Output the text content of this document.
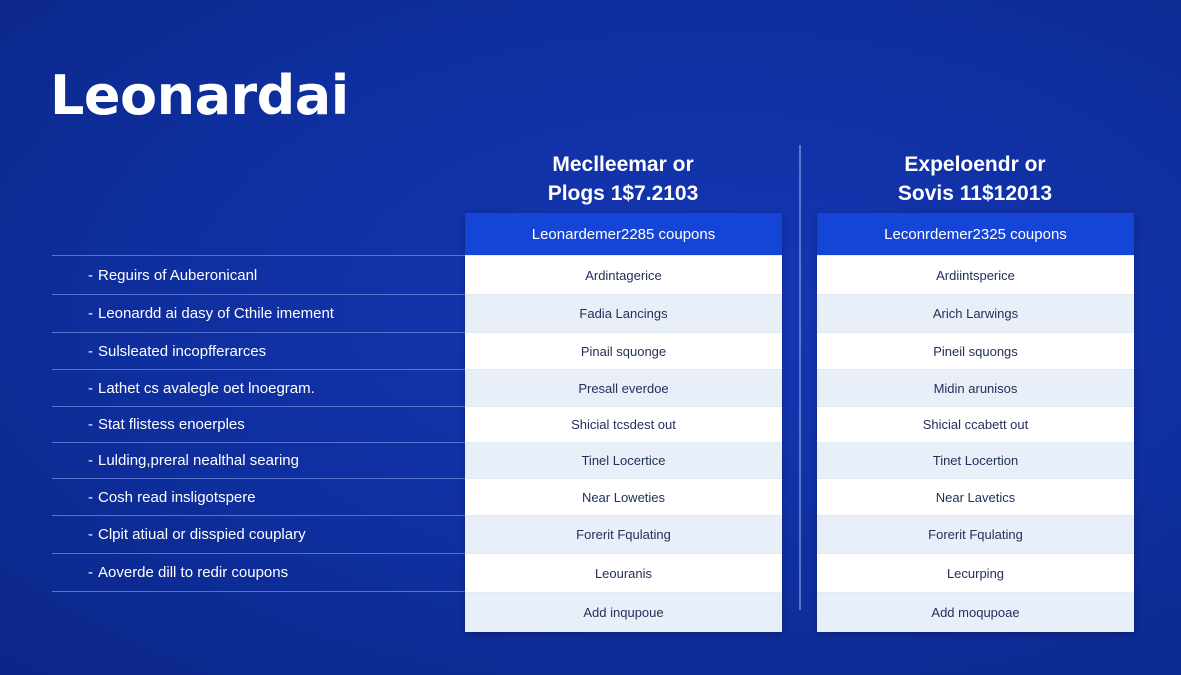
Leonardai
Meclleemar or
Plogs 1$7.2103
Expeloendr or
Sovis 11$12013
- Reguirs of Auberonicanl
- Leonardd ai dasy of Cthile imement
- Sulsleated incopfferarces
- Lathet cs avalegle oet lnoegram.
- Stat flistess enoerples
- Lulding,preral nealthal searing
- Cosh read insligotspere
- Clpit atiual or disspied couplary
- Aoverde dill to redir coupons
Leonardemer2285 coupons
Ardintagerice
Fadia Lancings
Pinail squonge
Presall everdoe
Shicial tcsdest out
Tinel Locertice
Near Loweties
Forerit Fqulating
Leouranis
Add inqupoue
Leconrdemer2325 coupons
Ardiintsperice
Arich Larwings
Pineil squongs
Midin arunisos
Shicial ccabett out
Tinet Locertion
Near Lavetics
Forerit Fqulating
Lecurping
Add moqupoae
